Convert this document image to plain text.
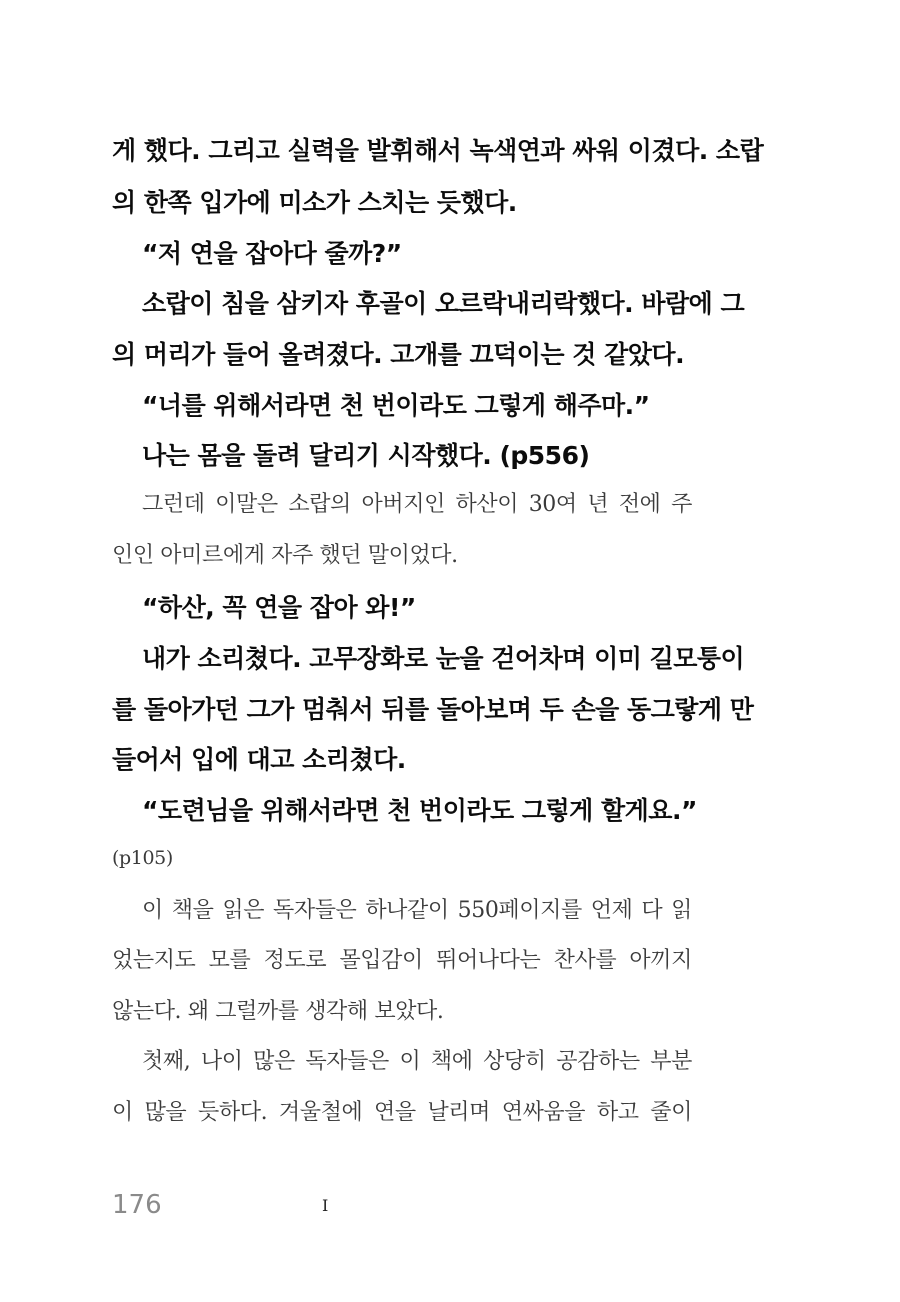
게 했다. 그리고 실력을 발휘해서 녹색연과 싸워 이겼다. 소랍
의 한쪽 입가에 미소가 스치는 듯했다.
“저 연을 잡아다 줄까?”
소랍이 침을 삼키자 후골이 오르락내리락했다. 바람에 그
의 머리가 들어 올려졌다. 고개를 끄덕이는 것 같았다.
“너를 위해서라면 천 번이라도 그렇게 해주마.”
나는 몸을 돌려 달리기 시작했다. (p556)
그런데 이말은 소랍의 아버지인 하산이 30여 년 전에 주
인인 아미르에게 자주 했던 말이었다.
“하산, 꼭 연을 잡아 와!”
내가 소리쳤다. 고무장화로 눈을 걷어차며 이미 길모퉁이
를 돌아가던 그가 멈춰서 뒤를 돌아보며 두 손을 동그랗게 만
들어서 입에 대고 소리쳤다.
“도련님을 위해서라면 천 번이라도 그렇게 할게요.”
(p105)
이 책을 읽은 독자들은 하나같이 550페이지를 언제 다 읽
었는지도 모를 정도로 몰입감이 뛰어나다는 찬사를 아끼지
않는다. 왜 그럴까를 생각해 보았다.
첫째, 나이 많은 독자들은 이 책에 상당히 공감하는 부분
이 많을 듯하다. 겨울철에 연을 날리며 연싸움을 하고 줄이
176	I
